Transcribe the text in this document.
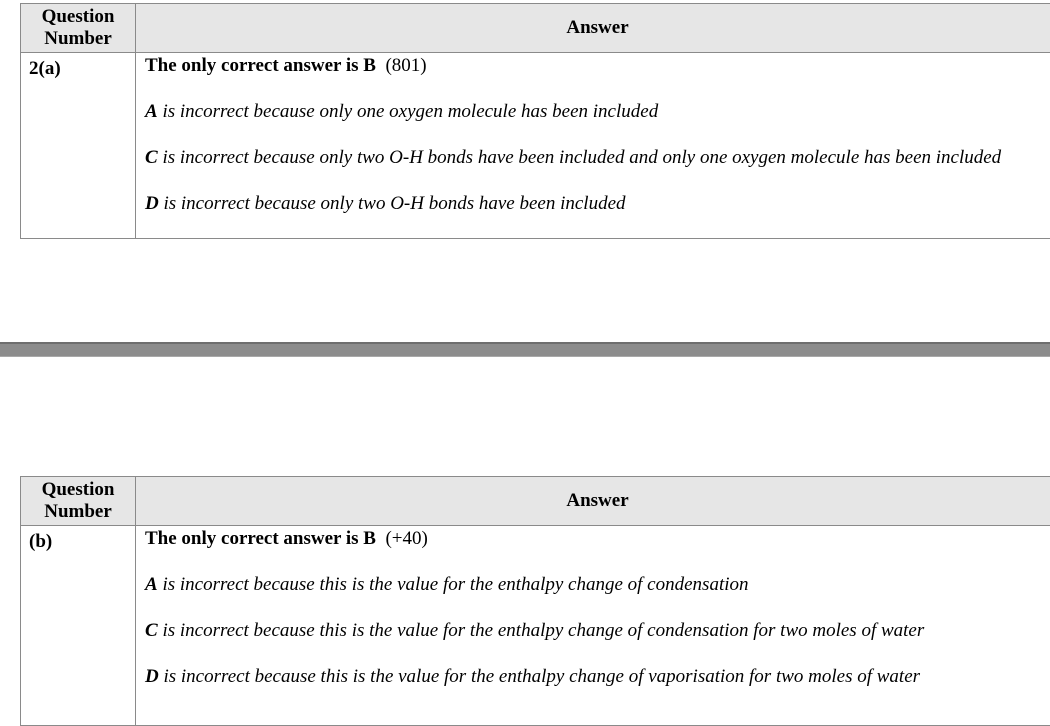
Question Number	Answer
2(a)	The only correct answer is B (801)

A is incorrect because only one oxygen molecule has been included

C is incorrect because only two O-H bonds have been included and only one oxygen molecule has been included

D is incorrect because only two O-H bonds have been included

Question Number	Answer
(b)	The only correct answer is B (+40)

A is incorrect because this is the value for the enthalpy change of condensation

C is incorrect because this is the value for the enthalpy change of condensation for two moles of water

D is incorrect because this is the value for the enthalpy change of vaporisation for two moles of water
